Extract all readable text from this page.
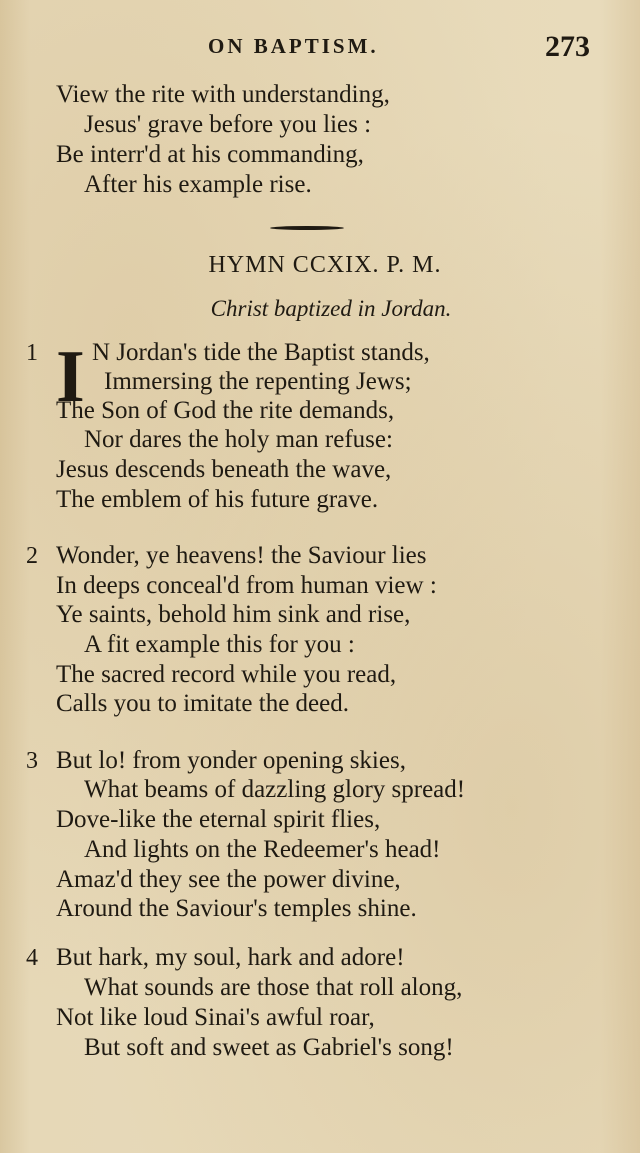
ON BAPTISM.	273
View the rite with understanding,
Jesus' grave before you lies :
Be interr'd at his commanding,
After his example rise.
HYMN CCXIX. P. M.
Christ baptized in Jordan.
1 I N Jordan's tide the Baptist stands,
Immersing the repenting Jews;
The Son of God the rite demands,
Nor dares the holy man refuse:
Jesus descends beneath the wave,
The emblem of his future grave.
2 Wonder, ye heavens! the Saviour lies
In deeps conceal'd from human view :
Ye saints, behold him sink and rise,
A fit example this for you :
The sacred record while you read,
Calls you to imitate the deed.
3 But lo! from yonder opening skies,
What beams of dazzling glory spread!
Dove-like the eternal spirit flies,
And lights on the Redeemer's head!
Amaz'd they see the power divine,
Around the Saviour's temples shine.
4 But hark, my soul, hark and adore!
What sounds are those that roll along,
Not like loud Sinai's awful roar,
But soft and sweet as Gabriel's song!
